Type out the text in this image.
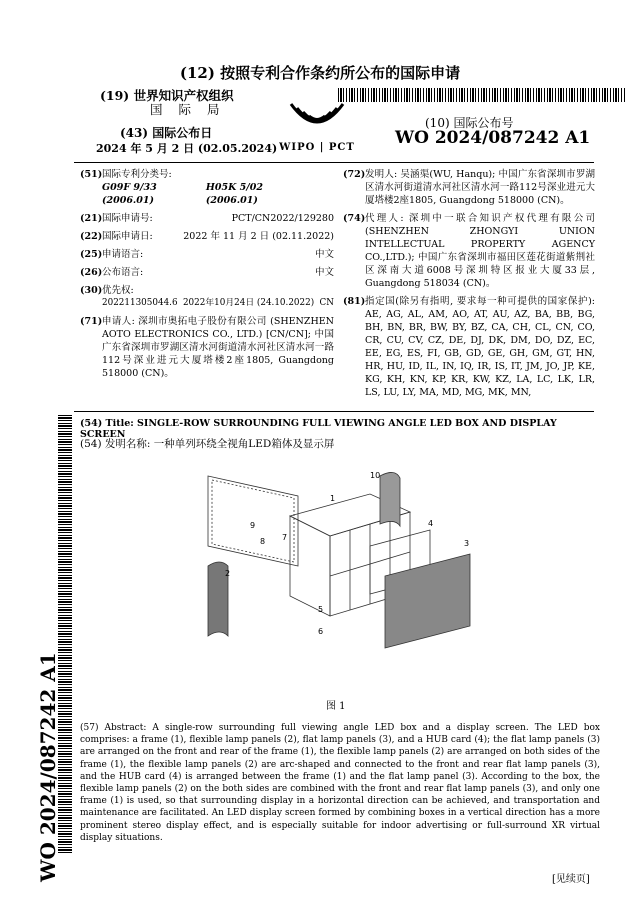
(12) 按照专利合作条约所公布的国际申请
(19) 世界知识产权组织
国 际 局
(43) 国际公布日
2024 年 5 月 2 日 (02.05.2024) WIPO | PCT
(10) 国际公布号
WO 2024/087242 A1
(51)国际专利分类号:
G09F 9/33 (2006.01)
H05K 5/02 (2006.01)
(21)国际申请号:	PCT/CN2022/129280
(22)国际申请日:	2022 年 11 月 2 日 (02.11.2022)
(25)申请语言:	中文
(26)公布语言:	中文
(30)优先权:
202211305044.6 2022年10月24日 (24.10.2022) CN
(71) 申请人: 深圳市奥拓电子股份有限公司 (SHENZHEN AOTO ELECTRONICS CO., LTD.) [CN/CN]; 中国广东省深圳市罗湖区清水河街道清水河社区清水河一路112号深业进元大厦塔楼2座1805, Guangdong 518000 (CN)。
(72) 发明人: 吴涵渠(WU, Hanqu); 中国广东省深圳市罗湖区清水河街道清水河社区清水河一路112号深业进元大厦塔楼2座1805, Guangdong 518000 (CN)。
(74) 代理人: 深圳中一联合知识产权代理有限公司 (SHENZHEN ZHONGYI UNION INTELLECTUAL PROPERTY AGENCY CO.,LTD.); 中国广东省深圳市福田区莲花街道紫荆社区深南大道6008号深圳特区报业大厦33层, Guangdong 518034 (CN)。
(81) 指定国(除另有指明, 要求每一种可提供的国家保护): AE, AG, AL, AM, AO, AT, AU, AZ, BA, BB, BG, BH, BN, BR, BW, BY, BZ, CA, CH, CL, CN, CO, CR, CU, CV, CZ, DE, DJ, DK, DM, DO, DZ, EC, EE, EG, ES, FI, GB, GD, GE, GH, GM, GT, HN, HR, HU, ID, IL, IN, IQ, IR, IS, IT, JM, JO, JP, KE, KG, KH, KN, KP, KR, KW, KZ, LA, LC, LK, LR, LS, LU, LY, MA, MD, MG, MK, MN,
WO 2024/087242 A1
(54) Title: SINGLE-ROW SURROUNDING FULL VIEWING ANGLE LED BOX AND DISPLAY SCREEN
(54) 发明名称: 一种单列环绕全视角LED箱体及显示屏
1
2
3
4
5
6
7
8
9
10
图 1
(57) Abstract: A single-row surrounding full viewing angle LED box and a display screen. The LED box comprises: a frame (1), flexible lamp panels (2), flat lamp panels (3), and a HUB card (4); the flat lamp panels (3) are arranged on the front and rear of the frame (1), the flexible lamp panels (2) are arranged on both sides of the frame (1), the flexible lamp panels (2) are arc-shaped and connected to the front and rear flat lamp panels (3), and the HUB card (4) is arranged between the frame (1) and the flat lamp panel (3). According to the box, the flexible lamp panels (2) on the both sides are combined with the front and rear flat lamp panels (3), and only one frame (1) is used, so that surrounding display in a horizontal direction can be achieved, and transportation and maintenance are facilitated. An LED display screen formed by combining boxes in a vertical direction has a more prominent stereo display effect, and is especially suitable for indoor advertising or full-surround XR virtual display situations.
[见续页]
